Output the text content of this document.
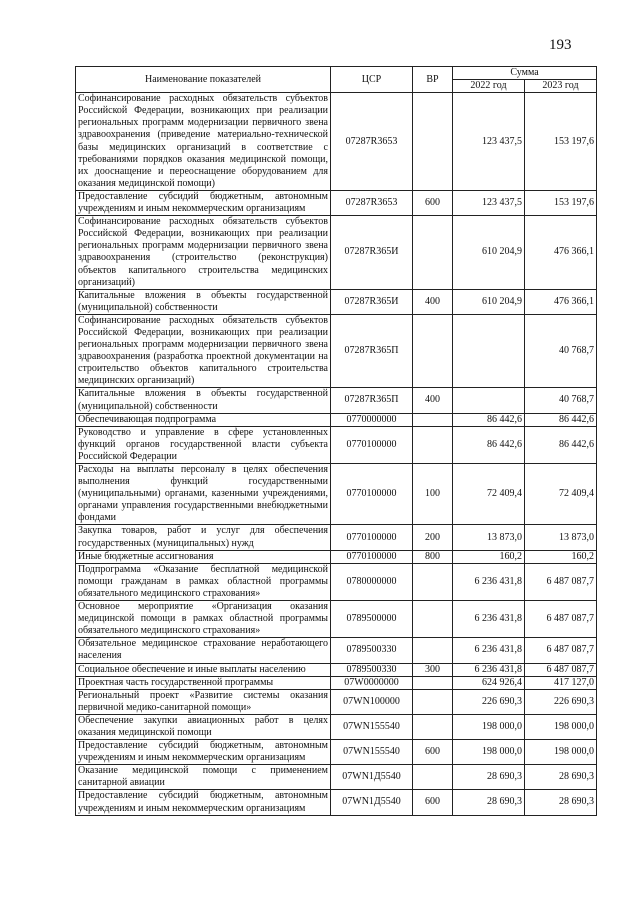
193
Наименование показателей	ЦСР	ВР	Сумма	
			2022 год	2023 год
Софинансирование расходных обязательств субъектов Российской Федерации, возникающих при реализации региональных программ модернизации первичного звена здравоохранения (приведение материально-технической базы медицинских организаций в соответствие с требованиями порядков оказания медицинской помощи, их дооснащение и переоснащение оборудованием для оказания медицинской помощи)	07287R3653		123 437,5	153 197,6
Предоставление субсидий бюджетным, автономным учреждениям и иным некоммерческим организациям	07287R3653	600	123 437,5	153 197,6
Софинансирование расходных обязательств субъектов Российской Федерации, возникающих при реализации региональных программ модернизации первичного звена здравоохранения (строительство (реконструкция) объектов капитального строительства медицинских организаций)	07287R365И		610 204,9	476 366,1
Капитальные вложения в объекты государственной (муниципальной) собственности	07287R365И	400	610 204,9	476 366,1
Софинансирование расходных обязательств субъектов Российской Федерации, возникающих при реализации региональных программ модернизации первичного звена здравоохранения (разработка проектной документации на строительство объектов капитального строительства медицинских организаций)	07287R365П			40 768,7
Капитальные вложения в объекты государственной (муниципальной) собственности	07287R365П	400		40 768,7
Обеспечивающая подпрограмма	0770000000		86 442,6	86 442,6
Руководство и управление в сфере установленных функций органов государственной власти субъекта Российской Федерации	0770100000		86 442,6	86 442,6
Расходы на выплаты персоналу в целях обеспечения выполнения функций государственными (муниципальными) органами, казенными учреждениями, органами управления государственными внебюджетными фондами	0770100000	100	72 409,4	72 409,4
Закупка товаров, работ и услуг для обеспечения государственных (муниципальных) нужд	0770100000	200	13 873,0	13 873,0
Иные бюджетные ассигнования	0770100000	800	160,2	160,2
Подпрограмма «Оказание бесплатной медицинской помощи гражданам в рамках областной программы обязательного медицинского страхования»	0780000000		6 236 431,8	6 487 087,7
Основное мероприятие «Организация оказания медицинской помощи в рамках областной программы обязательного медицинского страхования»	0789500000		6 236 431,8	6 487 087,7
Обязательное медицинское страхование неработающего населения	0789500330		6 236 431,8	6 487 087,7
Социальное обеспечение и иные выплаты населению	0789500330	300	6 236 431,8	6 487 087,7
Проектная часть государственной программы	07W0000000		624 926,4	417 127,0
Региональный проект «Развитие системы оказания первичной медико-санитарной помощи»	07WN100000		226 690,3	226 690,3
Обеспечение закупки авиационных работ в целях оказания медицинской помощи	07WN155540		198 000,0	198 000,0
Предоставление субсидий бюджетным, автономным учреждениям и иным некоммерческим организациям	07WN155540	600	198 000,0	198 000,0
Оказание медицинской помощи с применением санитарной авиации	07WN1Д5540		28 690,3	28 690,3
Предоставление субсидий бюджетным, автономным учреждениям и иным некоммерческим организациям	07WN1Д5540	600	28 690,3	28 690,3
